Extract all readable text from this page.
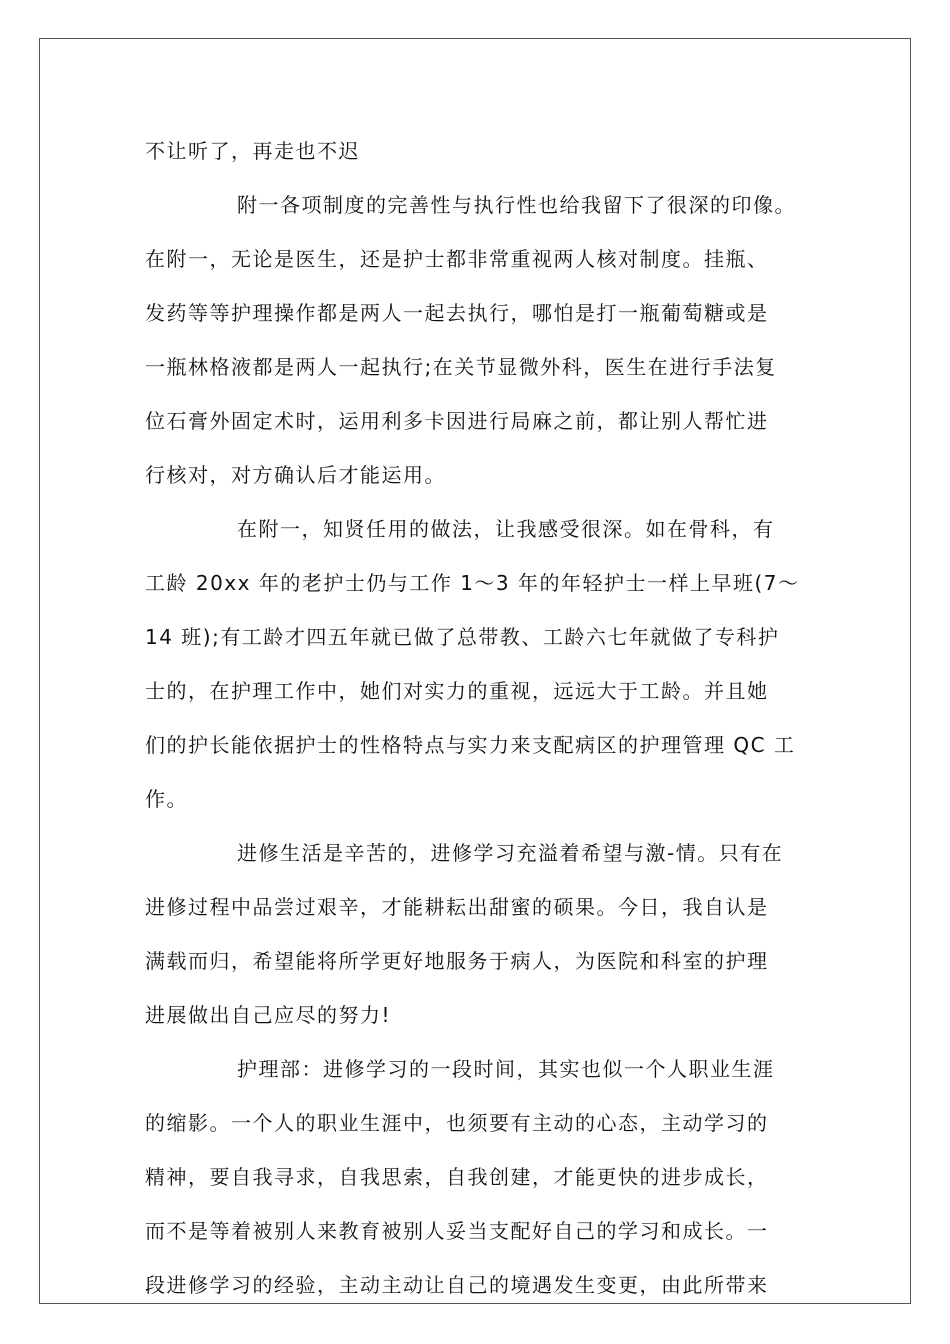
不让听了，再走也不迟
附一各项制度的完善性与执行性也给我留下了很深的印像。
在附一，无论是医生，还是护士都非常重视两人核对制度。挂瓶、
发药等等护理操作都是两人一起去执行，哪怕是打一瓶葡萄糖或是
一瓶林格液都是两人一起执行;在关节显微外科，医生在进行手法复
位石膏外固定术时，运用利多卡因进行局麻之前，都让别人帮忙进
行核对，对方确认后才能运用。
在附一，知贤任用的做法，让我感受很深。如在骨科，有
工龄 20xx 年的老护士仍与工作 1～3 年的年轻护士一样上早班(7～
14 班);有工龄才四五年就已做了总带教、工龄六七年就做了专科护
士的，在护理工作中，她们对实力的重视，远远大于工龄。并且她
们的护长能依据护士的性格特点与实力来支配病区的护理管理 QC 工
作。
进修生活是辛苦的，进修学习充溢着希望与激-情。只有在
进修过程中品尝过艰辛，才能耕耘出甜蜜的硕果。今日，我自认是
满载而归，希望能将所学更好地服务于病人，为医院和科室的护理
进展做出自己应尽的努力!
护理部：进修学习的一段时间，其实也似一个人职业生涯
的缩影。一个人的职业生涯中，也须要有主动的心态，主动学习的
精神，要自我寻求，自我思索，自我创建，才能更快的进步成长，
而不是等着被别人来教育被别人妥当支配好自己的学习和成长。一
段进修学习的经验，主动主动让自己的境遇发生变更，由此所带来
